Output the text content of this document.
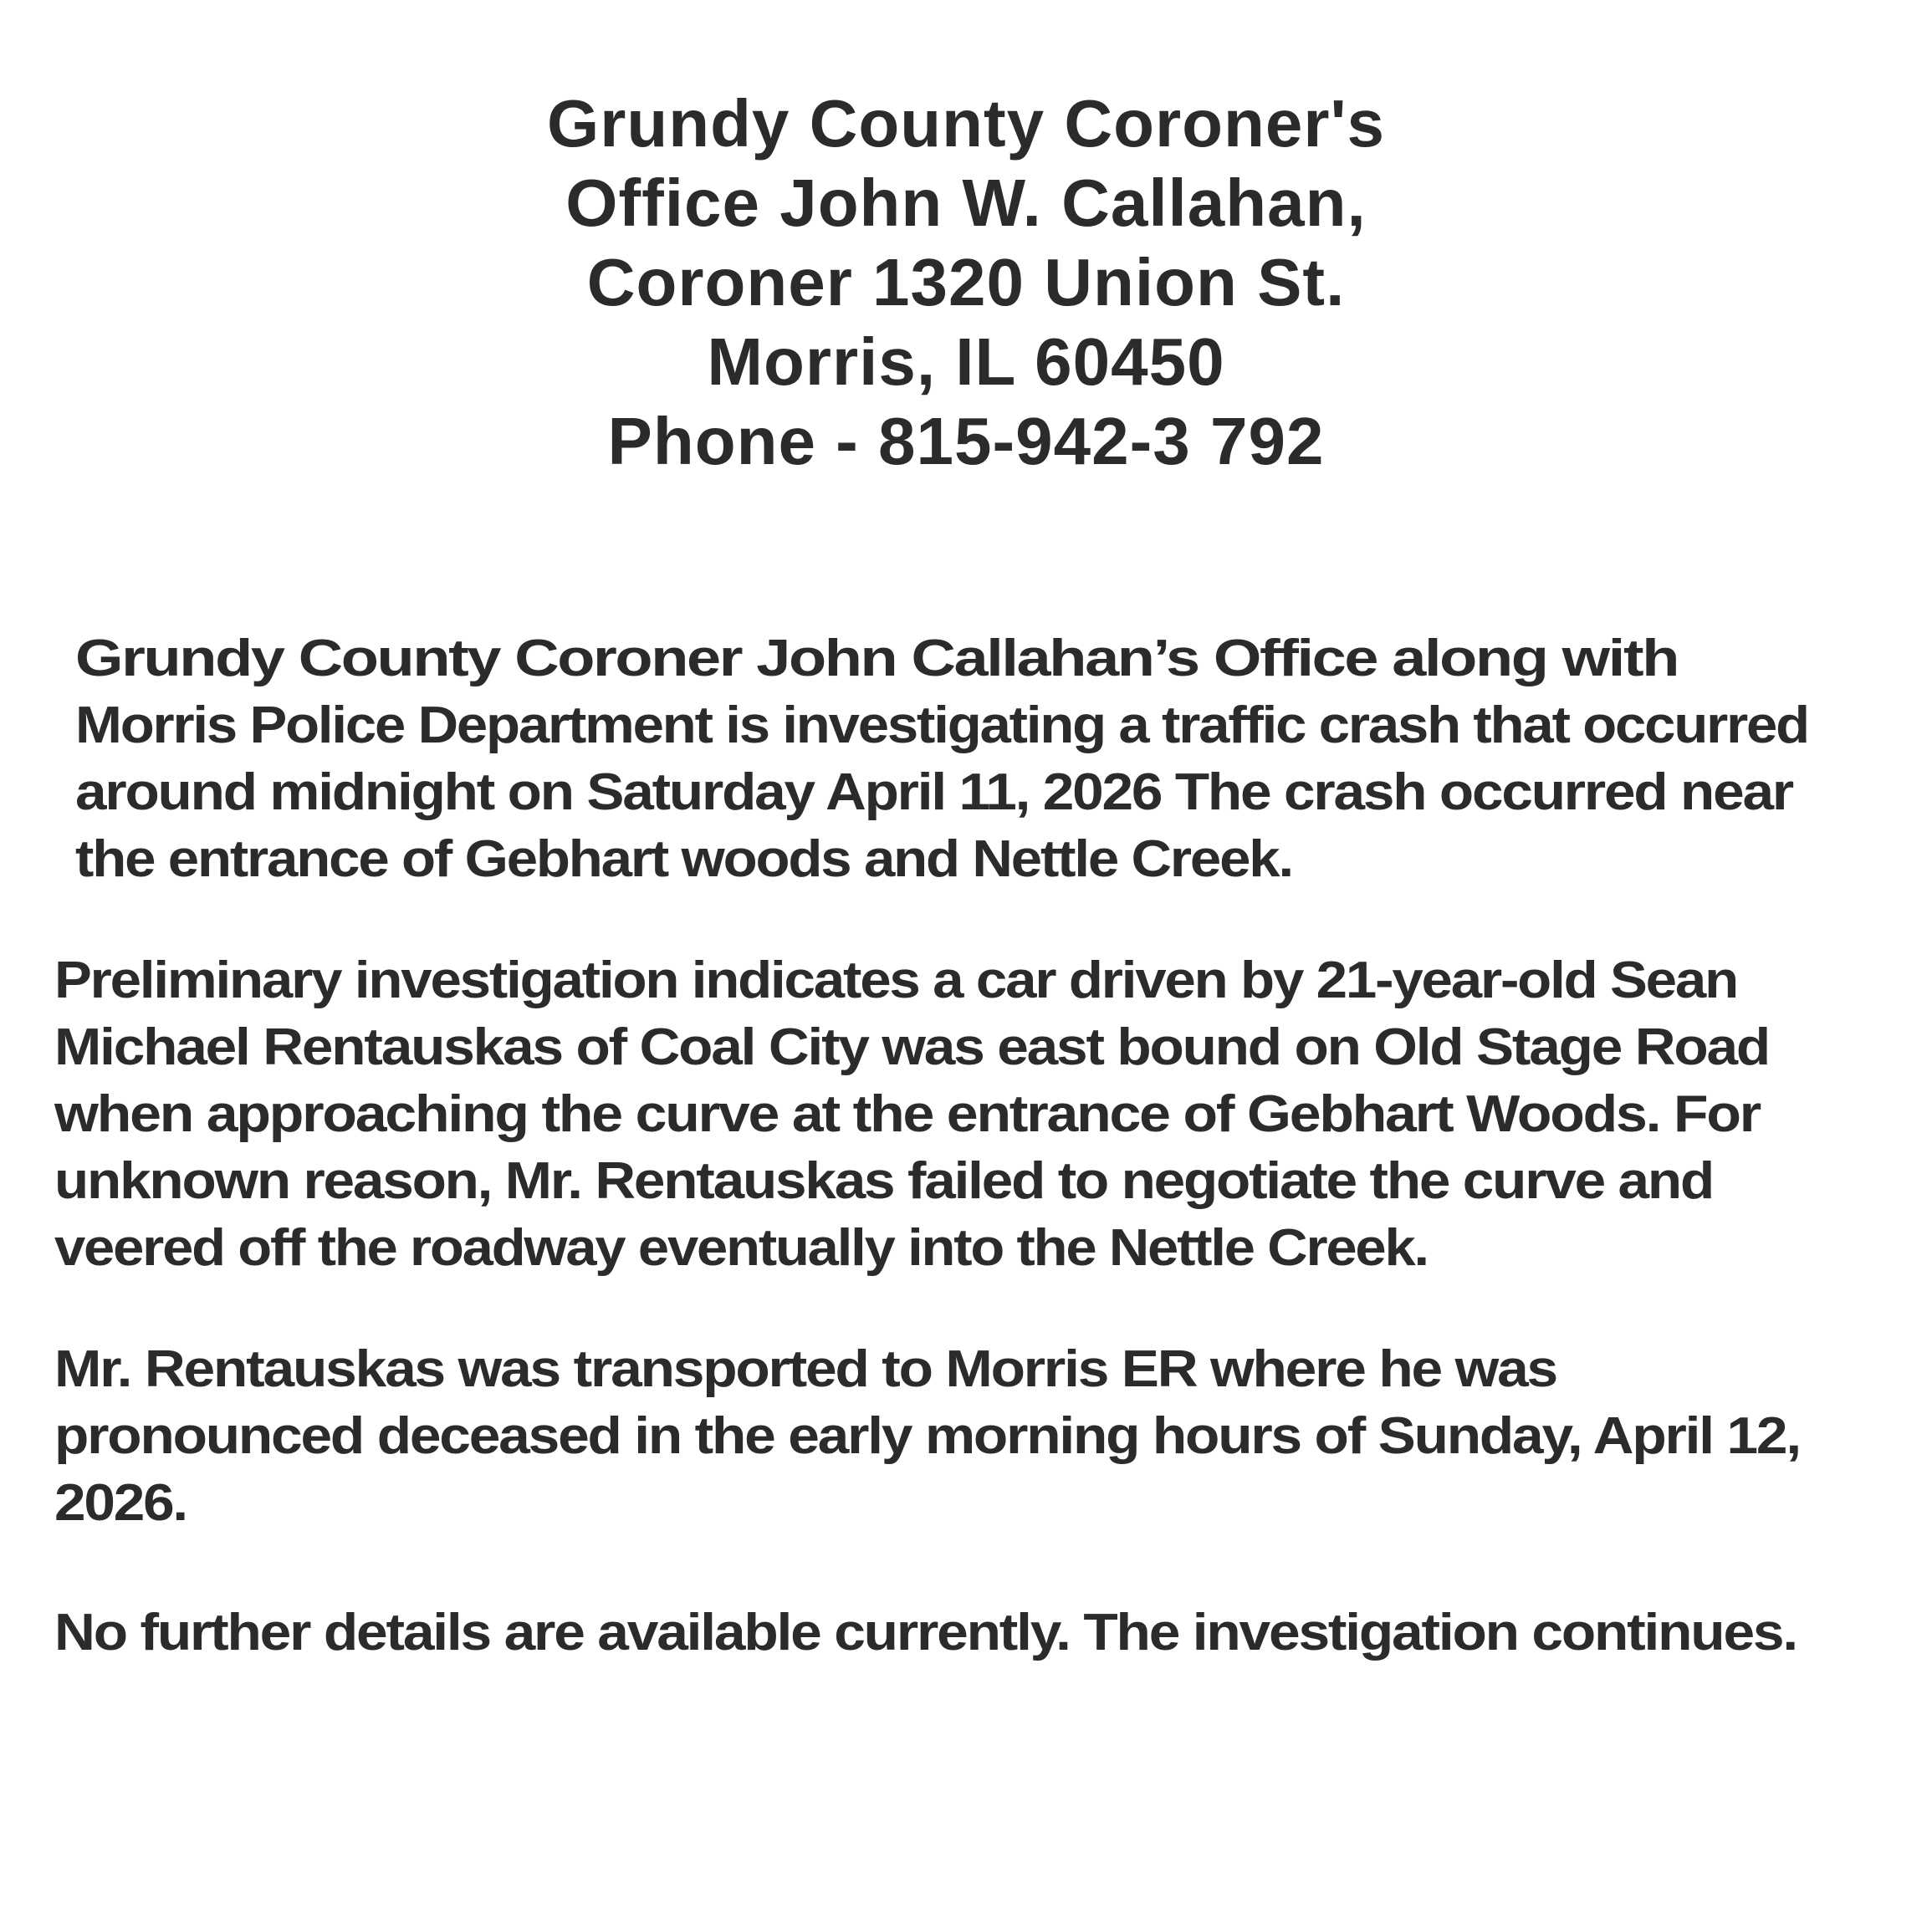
Grundy County Coroner's
Office John W. Callahan,
Coroner 1320 Union St.
Morris, IL 60450
Phone - 815-942-3 792
Grundy County Coroner John Callahan’s Office along with
Morris Police Department is investigating a traffic crash that occurred
around midnight on Saturday April 11, 2026 The crash occurred near
the entrance of Gebhart woods and Nettle Creek.
Preliminary investigation indicates a car driven by 21-year-old Sean
Michael Rentauskas of Coal City was east bound on Old Stage Road
when approaching the curve at the entrance of Gebhart Woods. For
unknown reason, Mr. Rentauskas failed to negotiate the curve and
veered off the roadway eventually into the Nettle Creek.
Mr. Rentauskas was transported to Morris ER where he was
pronounced deceased in the early morning hours of Sunday, April 12,
2026.
No further details are available currently. The investigation continues.
